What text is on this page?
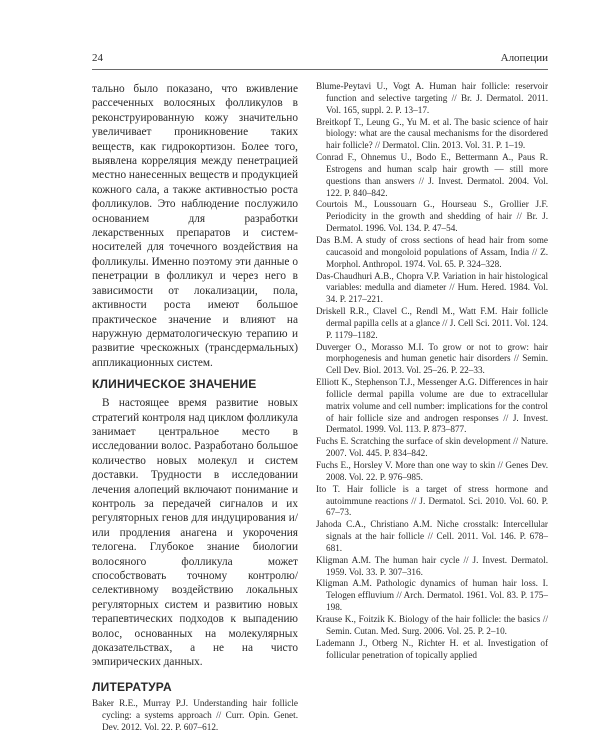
24	Алопеции

тально было показано, что вживление рассеченных волосяных фолликулов в реконструированную кожу значительно увеличивает проникновение таких веществ, как гидрокортизон. Более того, выявлена корреляция между пенетрацией местно нанесенных веществ и продукцией кожного сала, а также активностью роста фолликулов. Это наблюдение послужило основанием для разработки лекарственных препаратов и систем-носителей для точечного воздействия на фолликулы. Именно поэтому эти данные о пенетрации в фолликул и через него в зависимости от локализации, пола, активности роста имеют большое практическое значение и влияют на наружную дерматологическую терапию и развитие чрескожных (трансдермальных) аппликационных систем.

КЛИНИЧЕСКОЕ ЗНАЧЕНИЕ

В настоящее время развитие новых стратегий контроля над циклом фолликула занимает центральное место в исследовании волос. Разработано большое количество новых молекул и систем доставки. Трудности в исследовании лечения алопеций включают понимание и контроль за передачей сигналов и их регуляторных генов для индуцирования и/или продления анагена и укорочения телогена. Глубокое знание биологии волосяного фолликула может способствовать точному контролю/селективному воздействию локальных регуляторных систем и развитию новых терапевтических подходов к выпадению волос, основанных на молекулярных доказательствах, а не на чисто эмпирических данных.

ЛИТЕРАТУРА

Baker R.E., Murray P.J. Understanding hair follicle cycling: a systems approach // Curr. Opin. Genet. Dev. 2012. Vol. 22. P. 607–612.

Blume-Peytavi U., Vogt A. Human hair follicle: reservoir function and selective targeting // Br. J. Dermatol. 2011. Vol. 165, suppl. 2. P. 13–17.

Breitkopf T., Leung G., Yu M. et al. The basic science of hair biology: what are the causal mechanisms for the disordered hair follicle? // Dermatol. Clin. 2013. Vol. 31. P. 1–19.

Conrad F., Ohnemus U., Bodo E., Bettermann A., Paus R. Estrogens and human scalp hair growth — still more questions than answers // J. Invest. Dermatol. 2004. Vol. 122. P. 840–842.

Courtois M., Loussouarn G., Hourseau S., Grollier J.F. Periodicity in the growth and shedding of hair // Br. J. Dermatol. 1996. Vol. 134. P. 47–54.

Das B.M. A study of cross sections of head hair from some caucasoid and mongoloid populations of Assam, India // Z. Morphol. Anthropol. 1974. Vol. 65. P. 324–328.

Das-Chaudhuri A.B., Chopra V.P. Variation in hair histological variables: medulla and diameter // Hum. Hered. 1984. Vol. 34. P. 217–221.

Driskell R.R., Clavel C., Rendl M., Watt F.M. Hair follicle dermal papilla cells at a glance // J. Cell Sci. 2011. Vol. 124. P. 1179–1182.

Duverger O., Morasso M.I. To grow or not to grow: hair morphogenesis and human genetic hair disorders // Semin. Cell Dev. Biol. 2013. Vol. 25–26. P. 22–33.

Elliott K., Stephenson T.J., Messenger A.G. Differences in hair follicle dermal papilla volume are due to extracellular matrix volume and cell number: implications for the control of hair follicle size and androgen responses // J. Invest. Dermatol. 1999. Vol. 113. P. 873–877.

Fuchs E. Scratching the surface of skin development // Nature. 2007. Vol. 445. P. 834–842.

Fuchs E., Horsley V. More than one way to skin // Genes Dev. 2008. Vol. 22. P. 976–985.

Ito T. Hair follicle is a target of stress hormone and autoimmune reactions // J. Dermatol. Sci. 2010. Vol. 60. P. 67–73.

Jahoda C.A., Christiano A.M. Niche crosstalk: Intercellular signals at the hair follicle // Cell. 2011. Vol. 146. P. 678–681.

Kligman A.M. The human hair cycle // J. Invest. Dermatol. 1959. Vol. 33. P. 307–316.

Kligman A.M. Pathologic dynamics of human hair loss. I. Telogen effluvium // Arch. Dermatol. 1961. Vol. 83. P. 175–198.

Krause K., Foitzik K. Biology of the hair follicle: the basics // Semin. Cutan. Med. Surg. 2006. Vol. 25. P. 2–10.

Lademann J., Otberg N., Richter H. et al. Investigation of follicular penetration of topically applied
